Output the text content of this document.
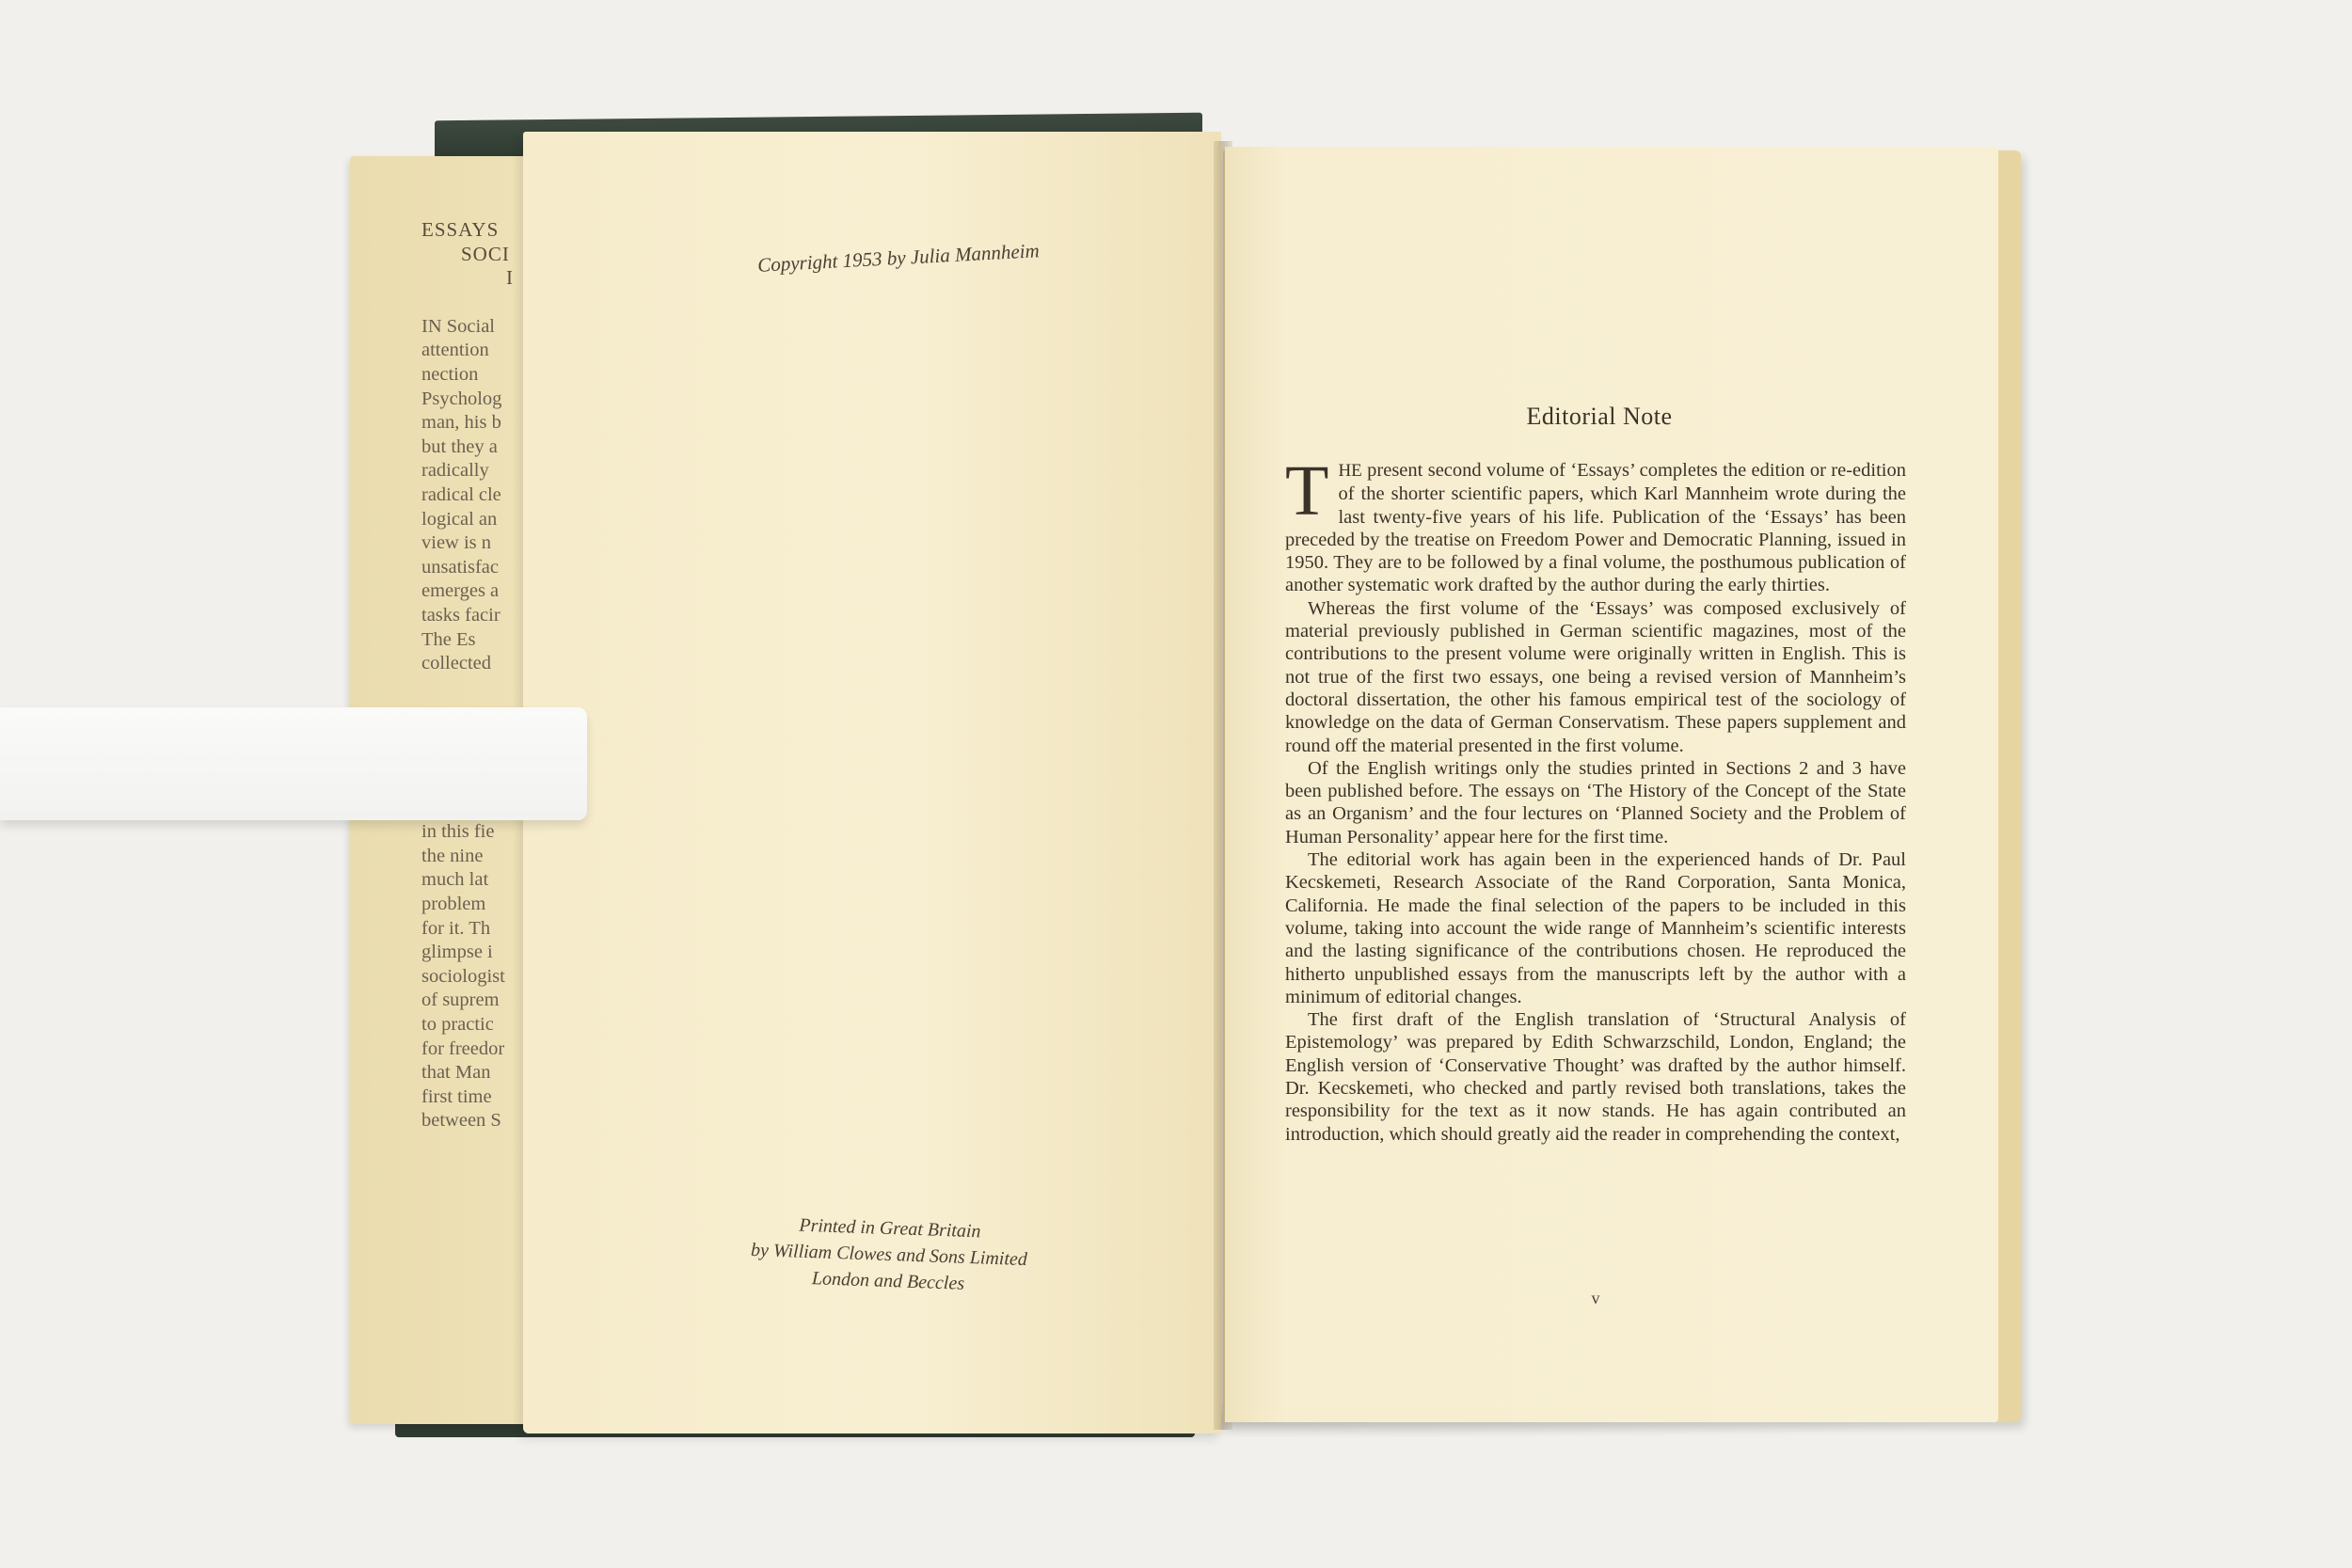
ESSAYS
SOCI
I
IN Social
attention
nection
Psycholog
man, his b
but they a
radically
radical cle
logical an
view is n
unsatisfac
emerges a
tasks facir
The Es
collected

in this fie
the nine
much lat
problem
for it. Th
glimpse i
sociologist
of suprem
to practic
for freedor
that Man
first time
between S
Copyright 1953 by Julia Mannheim
Printed in Great Britain
by William Clowes and Sons Limited
London and Beccles
Editorial Note

THE present second volume of ‘Essays’ completes the edition or re-edition of the shorter scientific papers, which Karl Mannheim wrote during the last twenty-five years of his life. Publication of the ‘Essays’ has been preceded by the treatise on Freedom Power and Democratic Planning, issued in 1950. They are to be followed by a final volume, the posthumous publication of another systematic work drafted by the author during the early thirties.

Whereas the first volume of the ‘Essays’ was composed exclusively of material previously published in German scientific magazines, most of the contributions to the present volume were originally written in English. This is not true of the first two essays, one being a revised version of Mannheim’s doctoral dissertation, the other his famous empirical test of the sociology of knowledge on the data of German Conservatism. These papers supplement and round off the material presented in the first volume.

Of the English writings only the studies printed in Sections 2 and 3 have been published before. The essays on ‘The History of the Concept of the State as an Organism’ and the four lectures on ‘Planned Society and the Problem of Human Personality’ appear here for the first time.

The editorial work has again been in the experienced hands of Dr. Paul Kecskemeti, Research Associate of the Rand Corporation, Santa Monica, California. He made the final selection of the papers to be included in this volume, taking into account the wide range of Mannheim’s scientific interests and the lasting significance of the contributions chosen. He reproduced the hitherto unpublished essays from the manuscripts left by the author with a minimum of editorial changes.

The first draft of the English translation of ‘Structural Analysis of Epistemology’ was prepared by Edith Schwarzschild, London, England; the English version of ‘Conservative Thought’ was drafted by the author himself. Dr. Kecskemeti, who checked and partly revised both translations, takes the responsibility for the text as it now stands. He has again contributed an introduction, which should greatly aid the reader in comprehending the context,

v
